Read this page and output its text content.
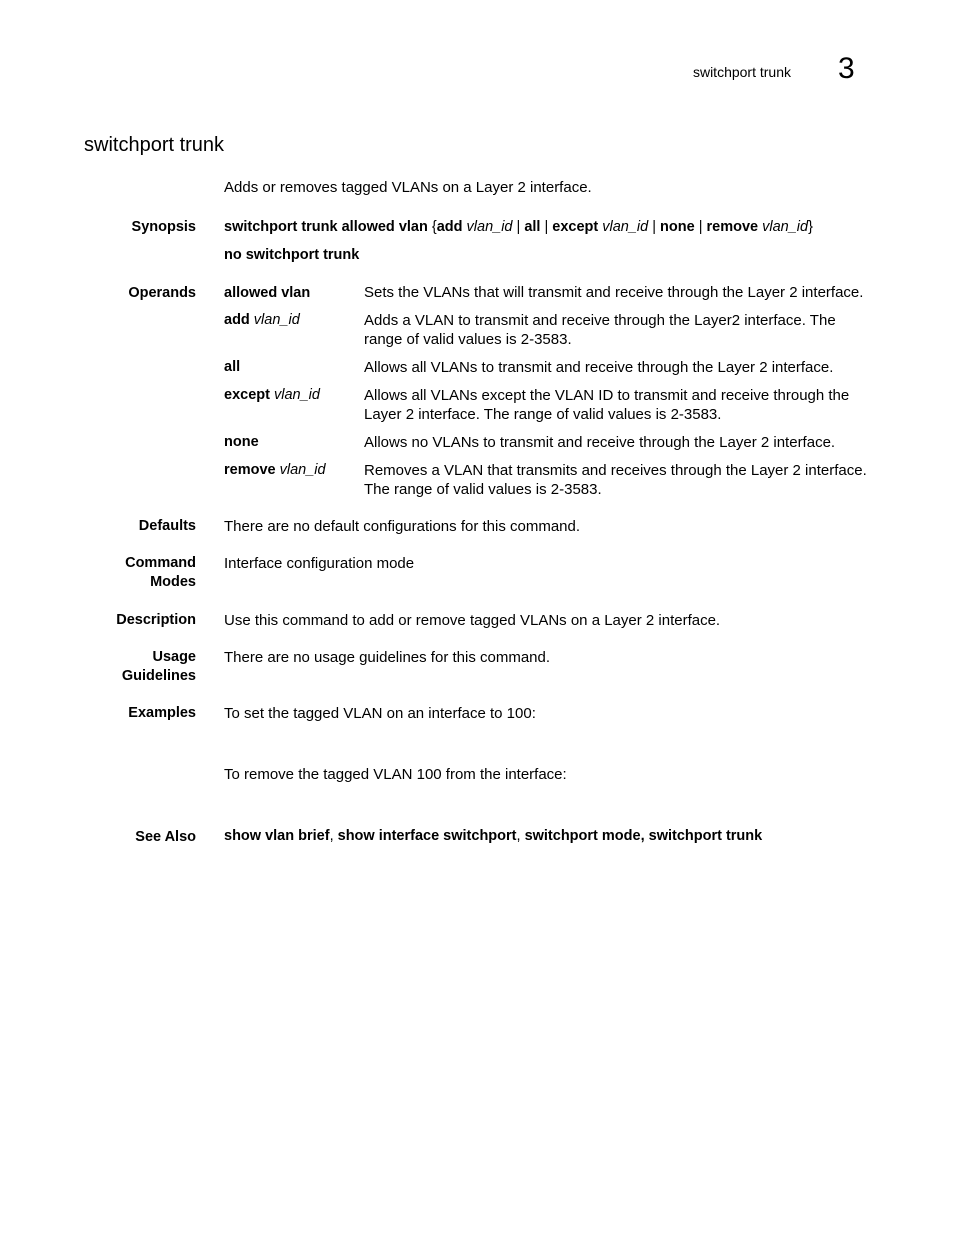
switchport trunk 3
switchport trunk
Adds or removes tagged VLANs on a Layer 2 interface.
Synopsis switchport trunk allowed vlan {add vlan_id | all | except vlan_id | none | remove vlan_id}
no switchport trunk
Operands allowed vlan	Sets the VLANs that will transmit and receive through the Layer 2 interface.
add vlan_id	Adds a VLAN to transmit and receive through the Layer2 interface. The range of valid values is 2-3583.
all	Allows all VLANs to transmit and receive through the Layer 2 interface.
except vlan_id	Allows all VLANs except the VLAN ID to transmit and receive through the Layer 2 interface. The range of valid values is 2-3583.
none	Allows no VLANs to transmit and receive through the Layer 2 interface.
remove vlan_id	Removes a VLAN that transmits and receives through the Layer 2 interface. The range of valid values is 2-3583.
Defaults There are no default configurations for this command.
Command
Modes
Interface configuration mode
Description Use this command to add or remove tagged VLANs on a Layer 2 interface.
Usage
Guidelines
There are no usage guidelines for this command.
Examples To set the tagged VLAN on an interface to 100:
To remove the tagged VLAN 100 from the interface:
See Also show vlan brief, show interface switchport, switchport mode, switchport trunk
